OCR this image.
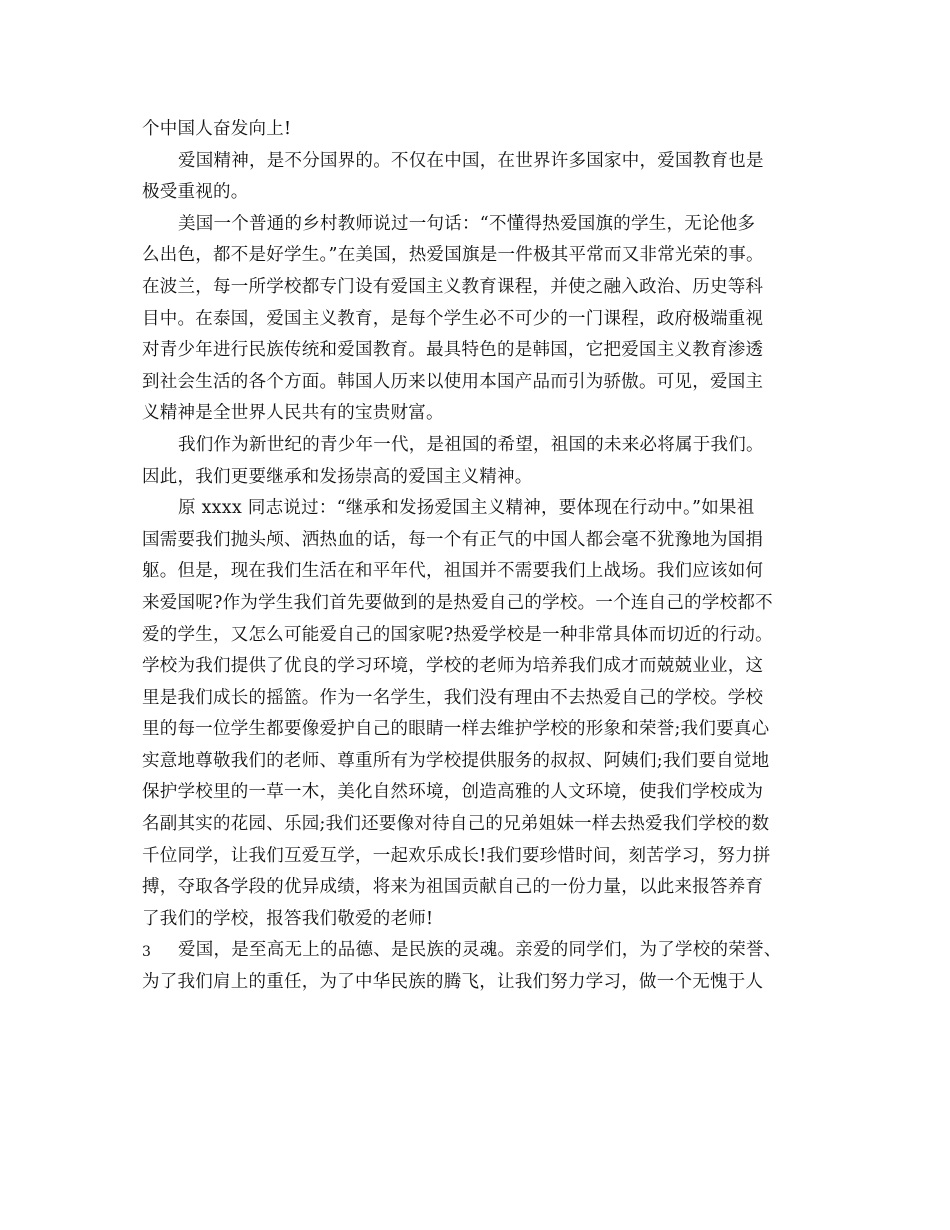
个中国人奋发向上!
爱国精神，是不分国界的。不仅在中国，在世界许多国家中，爱国教育也是
极受重视的。
美国一个普通的乡村教师说过一句话：“不懂得热爱国旗的学生，无论他多
么出色，都不是好学生。”在美国，热爱国旗是一件极其平常而又非常光荣的事。
在波兰，每一所学校都专门设有爱国主义教育课程，并使之融入政治、历史等科
目中。在泰国，爱国主义教育，是每个学生必不可少的一门课程，政府极端重视
对青少年进行民族传统和爱国教育。最具特色的是韩国，它把爱国主义教育渗透
到社会生活的各个方面。韩国人历来以使用本国产品而引为骄傲。可见，爱国主
义精神是全世界人民共有的宝贵财富。
我们作为新世纪的青少年一代，是祖国的希望，祖国的未来必将属于我们。
因此，我们更要继承和发扬崇高的爱国主义精神。
原 xxxx 同志说过：“继承和发扬爱国主义精神，要体现在行动中。”如果祖
国需要我们抛头颅、洒热血的话，每一个有正气的中国人都会毫不犹豫地为国捐
躯。但是，现在我们生活在和平年代，祖国并不需要我们上战场。我们应该如何
来爱国呢?作为学生我们首先要做到的是热爱自己的学校。一个连自己的学校都不
爱的学生，又怎么可能爱自己的国家呢?热爱学校是一种非常具体而切近的行动。
学校为我们提供了优良的学习环境，学校的老师为培养我们成才而兢兢业业，这
里是我们成长的摇篮。作为一名学生，我们没有理由不去热爱自己的学校。学校
里的每一位学生都要像爱护自己的眼睛一样去维护学校的形象和荣誉;我们要真心
实意地尊敬我们的老师、尊重所有为学校提供服务的叔叔、阿姨们;我们要自觉地
保护学校里的一草一木，美化自然环境，创造高雅的人文环境，使我们学校成为
名副其实的花园、乐园;我们还要像对待自己的兄弟姐妹一样去热爱我们学校的数
千位同学，让我们互爱互学，一起欢乐成长!我们要珍惜时间，刻苦学习，努力拼
搏，夺取各学段的优异成绩，将来为祖国贡献自己的一份力量，以此来报答养育
了我们的学校，报答我们敬爱的老师!
爱国，是至高无上的品德、是民族的灵魂。亲爱的同学们，为了学校的荣誉、
为了我们肩上的重任，为了中华民族的腾飞，让我们努力学习，做一个无愧于人
3
